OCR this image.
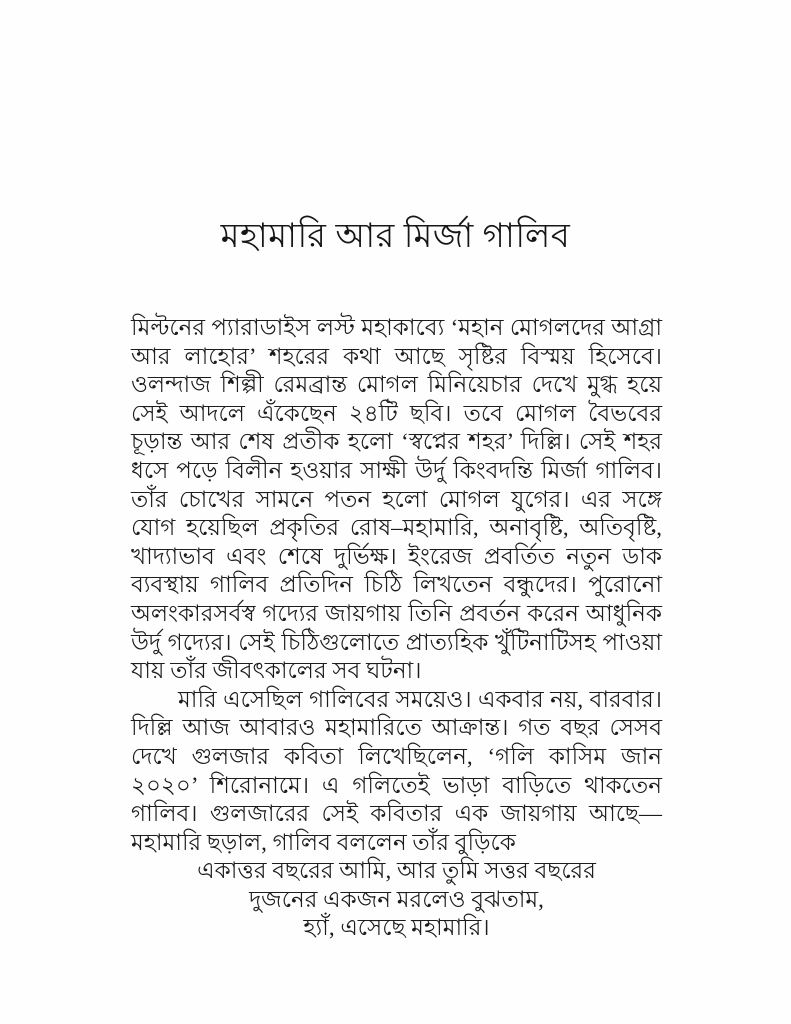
মহামারি আর মির্জা গালিব

মিল্টনের প্যারাডাইস লস্ট মহাকাব্যে ‘মহান মোগলদের আগ্রা আর লাহোর’ শহরের কথা আছে সৃষ্টির বিস্ময় হিসেবে। ওলন্দাজ শিল্পী রেমব্রান্ত মোগল মিনিয়েচার দেখে মুগ্ধ হয়ে সেই আদলে এঁকেছেন ২৪টি ছবি। তবে মোগল বৈভবের চূড়ান্ত আর শেষ প্রতীক হলো ‘স্বপ্নের শহর’ দিল্লি। সেই শহর ধসে পড়ে বিলীন হওয়ার সাক্ষী উর্দু কিংবদন্তি মির্জা গালিব। তাঁর চোখের সামনে পতন হলো মোগল যুগের। এর সঙ্গে যোগ হয়েছিল প্রকৃতির রোষ–মহামারি, অনাবৃষ্টি, অতিবৃষ্টি, খাদ্যাভাব এবং শেষে দুর্ভিক্ষ। ইংরেজ প্রবর্তিত নতুন ডাক ব্যবস্থায় গালিব প্রতিদিন চিঠি লিখতেন বন্ধুদের। পুরোনো অলংকারসর্বস্ব গদ্যের জায়গায় তিনি প্রবর্তন করেন আধুনিক উর্দু গদ্যের। সেই চিঠিগুলোতে প্রাত্যহিক খুঁটিনাটিসহ পাওয়া যায় তাঁর জীবৎকালের সব ঘটনা।

মারি এসেছিল গালিবের সময়েও। একবার নয়, বারবার। দিল্লি আজ আবারও মহামারিতে আক্রান্ত। গত বছর সেসব দেখে গুলজার কবিতা লিখেছিলেন, ‘গলি কাসিম জান ২০২০’ শিরোনামে। এ গলিতেই ভাড়া বাড়িতে থাকতেন গালিব। গুলজারের সেই কবিতার এক জায়গায় আছে—মহামারি ছড়াল, গালিব বললেন তাঁর বুড়িকে

একাত্তর বছরের আমি, আর তুমি সত্তর বছরের
দুজনের একজন মরলেও বুঝতাম,
হ্যাঁ, এসেছে মহামারি।
